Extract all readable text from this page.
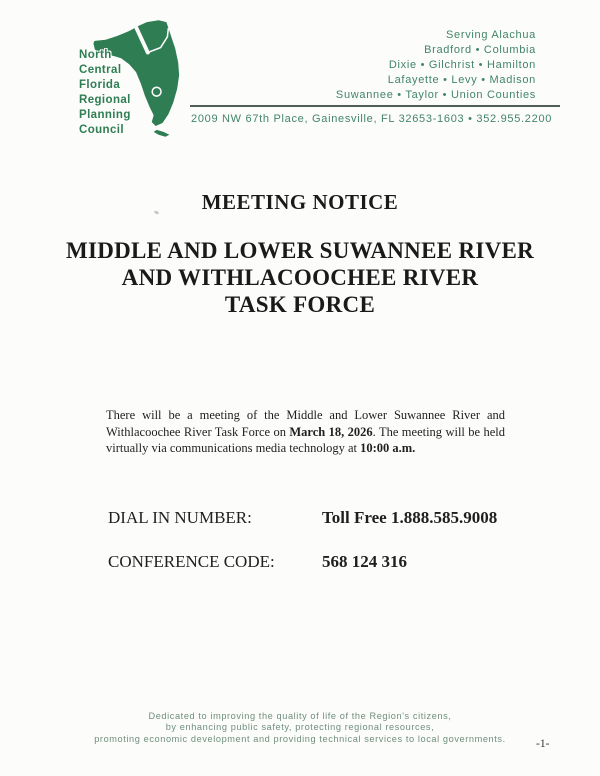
North
Central
Florida
Regional
Planning
Council
Serving Alachua
Bradford • Columbia
Dixie • Gilchrist • Hamilton
Lafayette • Levy • Madison
Suwannee • Taylor • Union Counties
2009 NW 67th Place, Gainesville, FL 32653-1603 • 352.955.2200
MEETING NOTICE
MIDDLE AND LOWER SUWANNEE RIVER
AND WITHLACOOCHEE RIVER
TASK FORCE
There will be a meeting of the Middle and Lower Suwannee River and
Withlacoochee River Task Force on March 18, 2026. The meeting will be held
virtually via communications media technology at 10:00 a.m.
DIAL IN NUMBER:	Toll Free 1.888.585.9008
CONFERENCE CODE:	568 124 316
Dedicated to improving the quality of life of the Region's citizens,
by enhancing public safety, protecting regional resources,
promoting economic development and providing technical services to local governments.	-1-
